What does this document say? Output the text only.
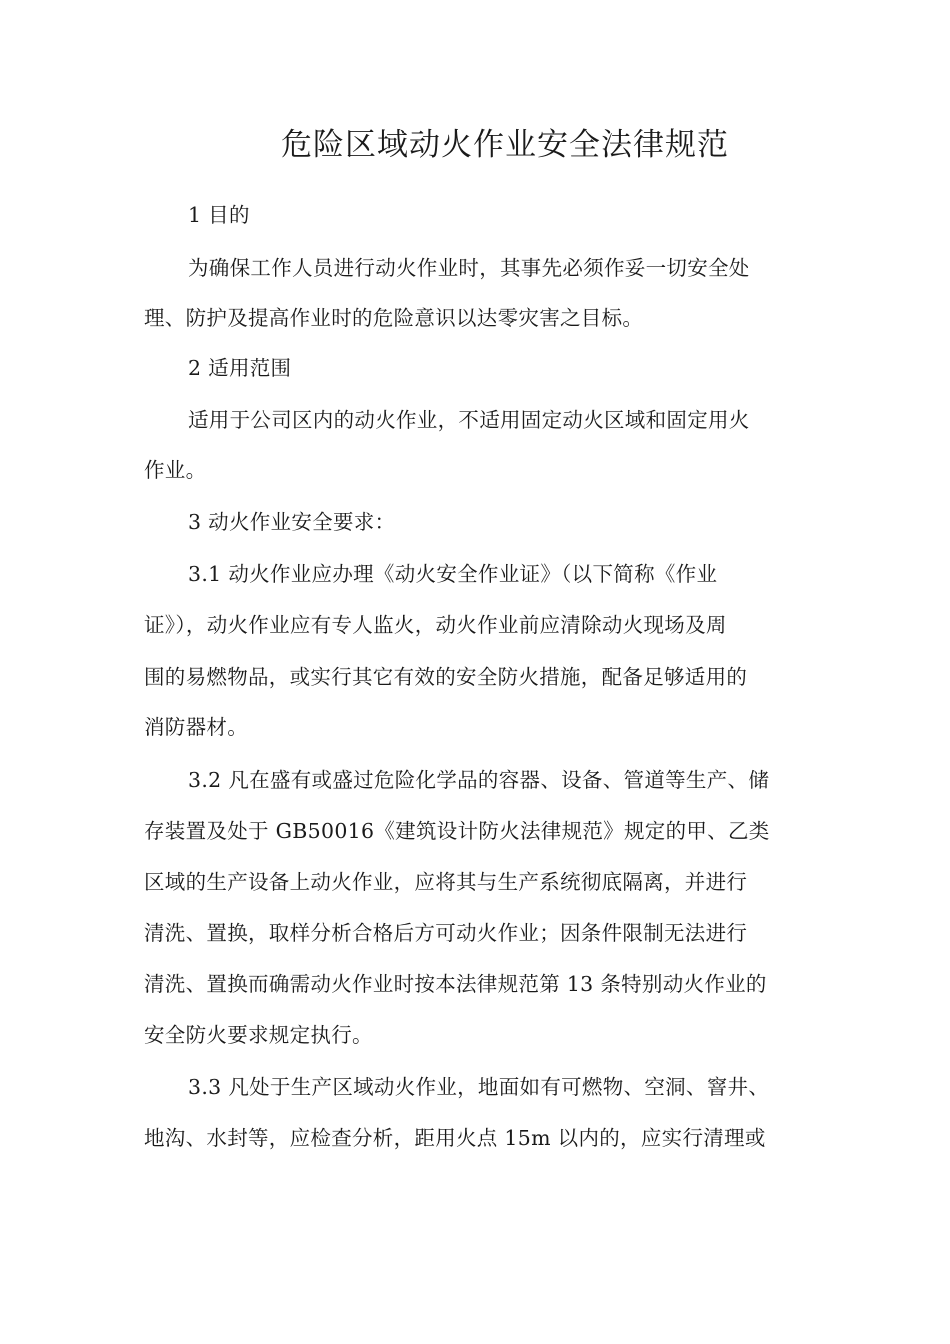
危险区域动火作业安全法律规范
1 目的
为确保工作人员进行动火作业时，其事先必须作妥一切安全处
理、防护及提高作业时的危险意识以达零灾害之目标。
2 适用范围
适用于公司区内的动火作业，不适用固定动火区域和固定用火
作业。
3 动火作业安全要求：
3.1 动火作业应办理《动火安全作业证》（以下简称《作业
证》），动火作业应有专人监火，动火作业前应清除动火现场及周
围的易燃物品，或实行其它有效的安全防火措施，配备足够适用的
消防器材。
3.2 凡在盛有或盛过危险化学品的容器、设备、管道等生产、储
存装置及处于 GB50016《建筑设计防火法律规范》规定的甲、乙类
区域的生产设备上动火作业，应将其与生产系统彻底隔离，并进行
清洗、置换，取样分析合格后方可动火作业；因条件限制无法进行
清洗、置换而确需动火作业时按本法律规范第 13 条特别动火作业的
安全防火要求规定执行。
3.3 凡处于生产区域动火作业，地面如有可燃物、空洞、窨井、
地沟、水封等，应检查分析，距用火点 15m 以内的，应实行清理或
